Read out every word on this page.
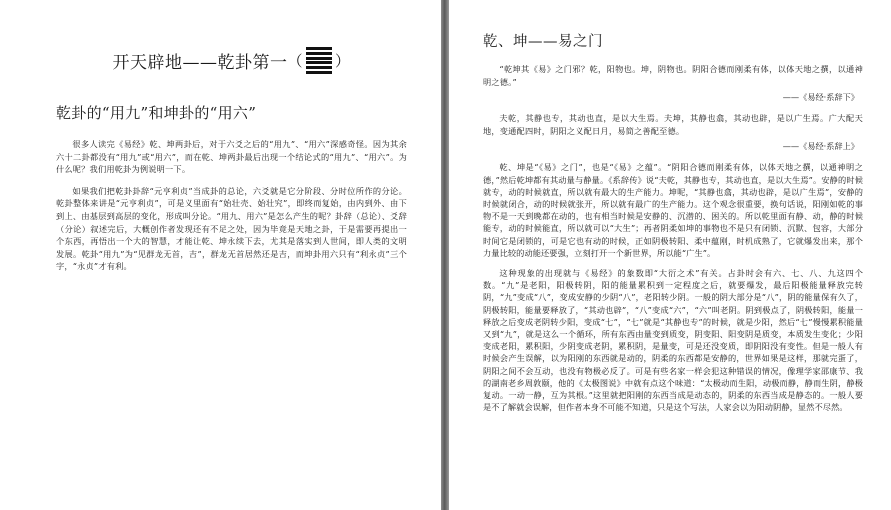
开天辟地——乾卦第一 （ ）
乾卦的“用九”和坤卦的“用六”

很多人读完《易经》乾、坤两卦后，对于六爻之后的“用九”、“用六”深感奇怪。因为其余六十二卦都没有“用九”或“用六”，而在乾、坤两卦最后出现一个结论式的“用九”、“用六”。为什么呢？我们用乾卦为例说明一下。

如果我们把乾卦卦辞“元亨利贞”当成卦的总论，六爻就是它分阶段、分时位所作的分论。乾卦整体来讲是“元亨利贞”，可是义里面有“始壮壳、始壮究”，即终而复始，由内到外、由下到上、由基层到高层的变化，形成叫分论。“用九、用六”是怎么产生的呢？卦辞（总论）、爻辞（分论）叙述完后，大概创作者发现还有不足之处，因为毕竟是天地之卦，于是需要再提出一个东西，再悟出一个大的智慧，才能让乾、坤永续下去，尤其是落实到人世间，即人类的文明发展。乾卦“用九”为“见群龙无首，吉”，群龙无首居然还是吉，而坤卦用六只有“利永贞”三个字，“永贞”才有利。

乾、坤——易之门

“乾坤其《易》之门邪？乾，阳物也。坤，阴物也。阴阳合德而刚柔有体，以体天地之撰，以通神明之德。”

——《易经·系辞下》

夫乾，其静也专，其动也直，是以大生焉。夫坤，其静也翕，其动也辟，是以广生焉。广大配天地，变通配四时，阴阳之义配日月，易简之善配至德。

——《易经·系辞上》

乾、坤是“《易》之门”，也是“《易》之蕴”。“阴阳合德而刚柔有体，以体天地之撰，以通神明之德，”然后乾坤都有其动量与静量。《系辞传》说“夫乾，其静也专，其动也直，是以大生焉”。安静的时候就专，动的时候就直，所以就有最大的生产能力。坤呢，“其静也翕，其动也辟，是以广生焉”，安静的时候就闭合，动的时候就张开，所以就有最广的生产能力。这个观念很重要，换句话说，阳刚如乾的事物不是一天到晚都在动的，也有相当时候是安静的、沉潜的、困关的。所以乾里面有静、动，静的时候能专，动的时候能直，所以就可以“大生”；再者阴柔如坤的事物也不是只有闭锁、沉默、包容，大部分时间它是闭锁的，可是它也有动的时候，正如阴极转阳、柔中蕴刚，时机成熟了，它就爆发出来，那个力量比较的动能还要强，立刻打开一个新世界，所以能“广生”。

这种现象的出现就与《易经》的象数即“大衍之术”有关。占卦时会有六、七、八、九这四个数。“九”是老阳，阳极转阴，阳的能量累积到一定程度之后，就要爆发，最后阳极能量释放完转阴，“九”变成“八”，变成安静的少阴“八”，老阳转少阴。一般的阴大部分是“八”，阴的能量保有久了，阴极转阳，能量要释放了，“其动也辟”，“八”变成“六”，“六”叫老阴。阴到极点了，阴极转阳，能量一释放之后变成老阴转少阳，变成“七”，“七”就是“其静也专”的时候，就是少阳，然后“七”慢慢累积能量又到“九”，就是这么一个循环，所有东西由量变到质变，阴变阳、阳变阴是质变，本质发生变化；少阳变成老阳，累积阳，少阴变成老阴，累积阴，是量变，可是还没变质，即阴阳没有变性。但是一般人有时候会产生误解，以为阳刚的东西就是动的，阴柔的东西都是安静的，世界如果是这样，那就完蛋了，阴阳之间不会互动，也没有物极必反了。可是有些名家一样会犯这种错误的情况，像理学家邵康节、我的湖南老乡周敦颐，他的《太极图说》中就有点这个味道：“太极动而生阳，动极而静，静而生阴，静极复动。一动一静，互为其根。”这里就把阳刚的东西当成是动态的，阴柔的东西当成是静态的。一般人要是不了解就会误解，但作者本身不可能不知道，只是这个写法，人家会以为阳动阴静，显然不尽然。
